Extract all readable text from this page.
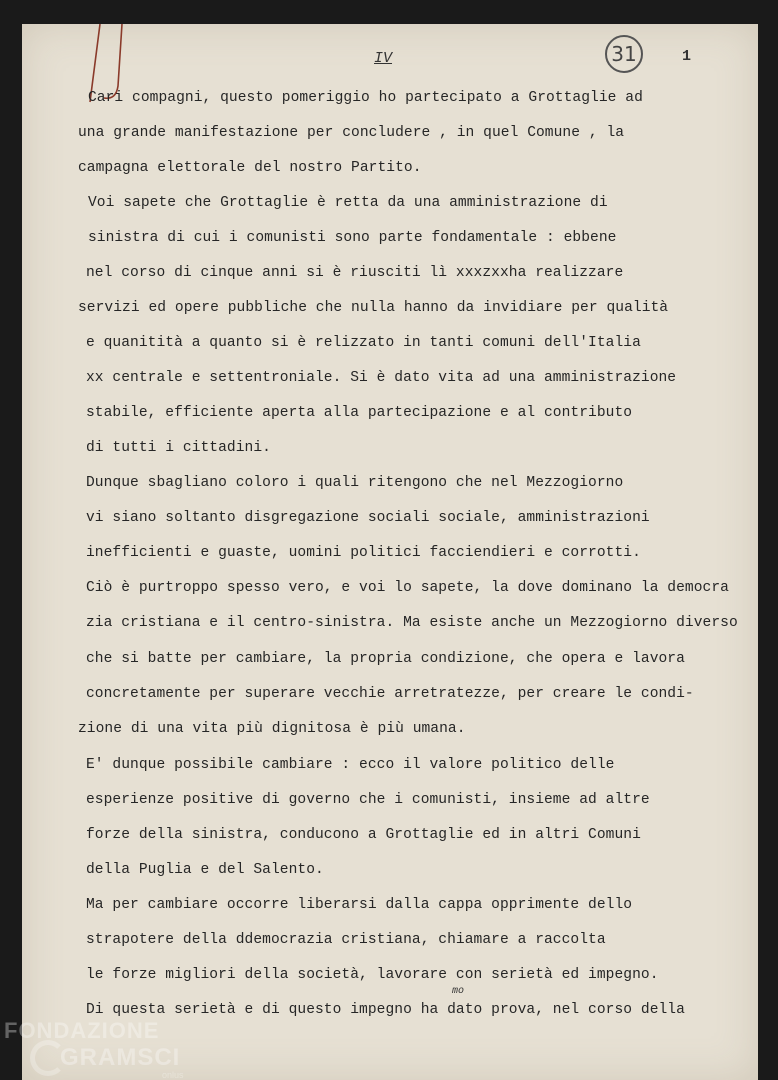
IV	31	1
Cari compagni, questo pomeriggio ho partecipato a Grottaglie ad
una grande manifestazione per concludere , in quel Comune , la
campagna elettorale del nostro Partito.
Voi sapete che Grottaglie è retta da una amministrazione di
sinistra di cui i comunisti sono parte fondamentale : ebbene
nel corso di cinque anni si è riusciti lì xxxzxxha realizzare
servizi ed opere pubbliche che nulla hanno da invidiare per qualità
e quanitità a quanto si è relizzato in tanti comuni dell'Italia
xx centrale e settentroniale. Si è dato vita ad una amministrazione
stabile, efficiente aperta alla partecipazione e al contributo
di tutti i cittadini.
Dunque sbagliano coloro i quali ritengono che nel Mezzogiorno
vi siano soltanto disgregazione sociali sociale, amministrazioni
inefficienti e guaste, uomini politici facciendieri e corrotti.
Ciò è purtroppo spesso vero, e voi lo sapete, la dove dominano la democra
zia cristiana e il centro-sinistra. Ma esiste anche un Mezzogiorno diverso
che si batte per cambiare, la propria condizione, che opera e lavora
concretamente per superare vecchie arretratezze, per creare le condi-
zione di una vita più dignitosa è più umana.
E' dunque possibile cambiare : ecco il valore politico delle
esperienze positive di governo che i comunisti, insieme ad altre
forze della sinistra, conducono a Grottaglie ed in altri Comuni
della Puglia e del Salento.
Ma per cambiare occorre liberarsi dalla cappa opprimente dello
strapotere della ddemocrazia cristiana, chiamare a raccolta
le forze migliori della società, lavorare con serietà ed impegno.
Di questa serietà e di questo impegno ha dato prova, nel corso della
mo
FONDAZIONE
GRAMSCI
onlus
